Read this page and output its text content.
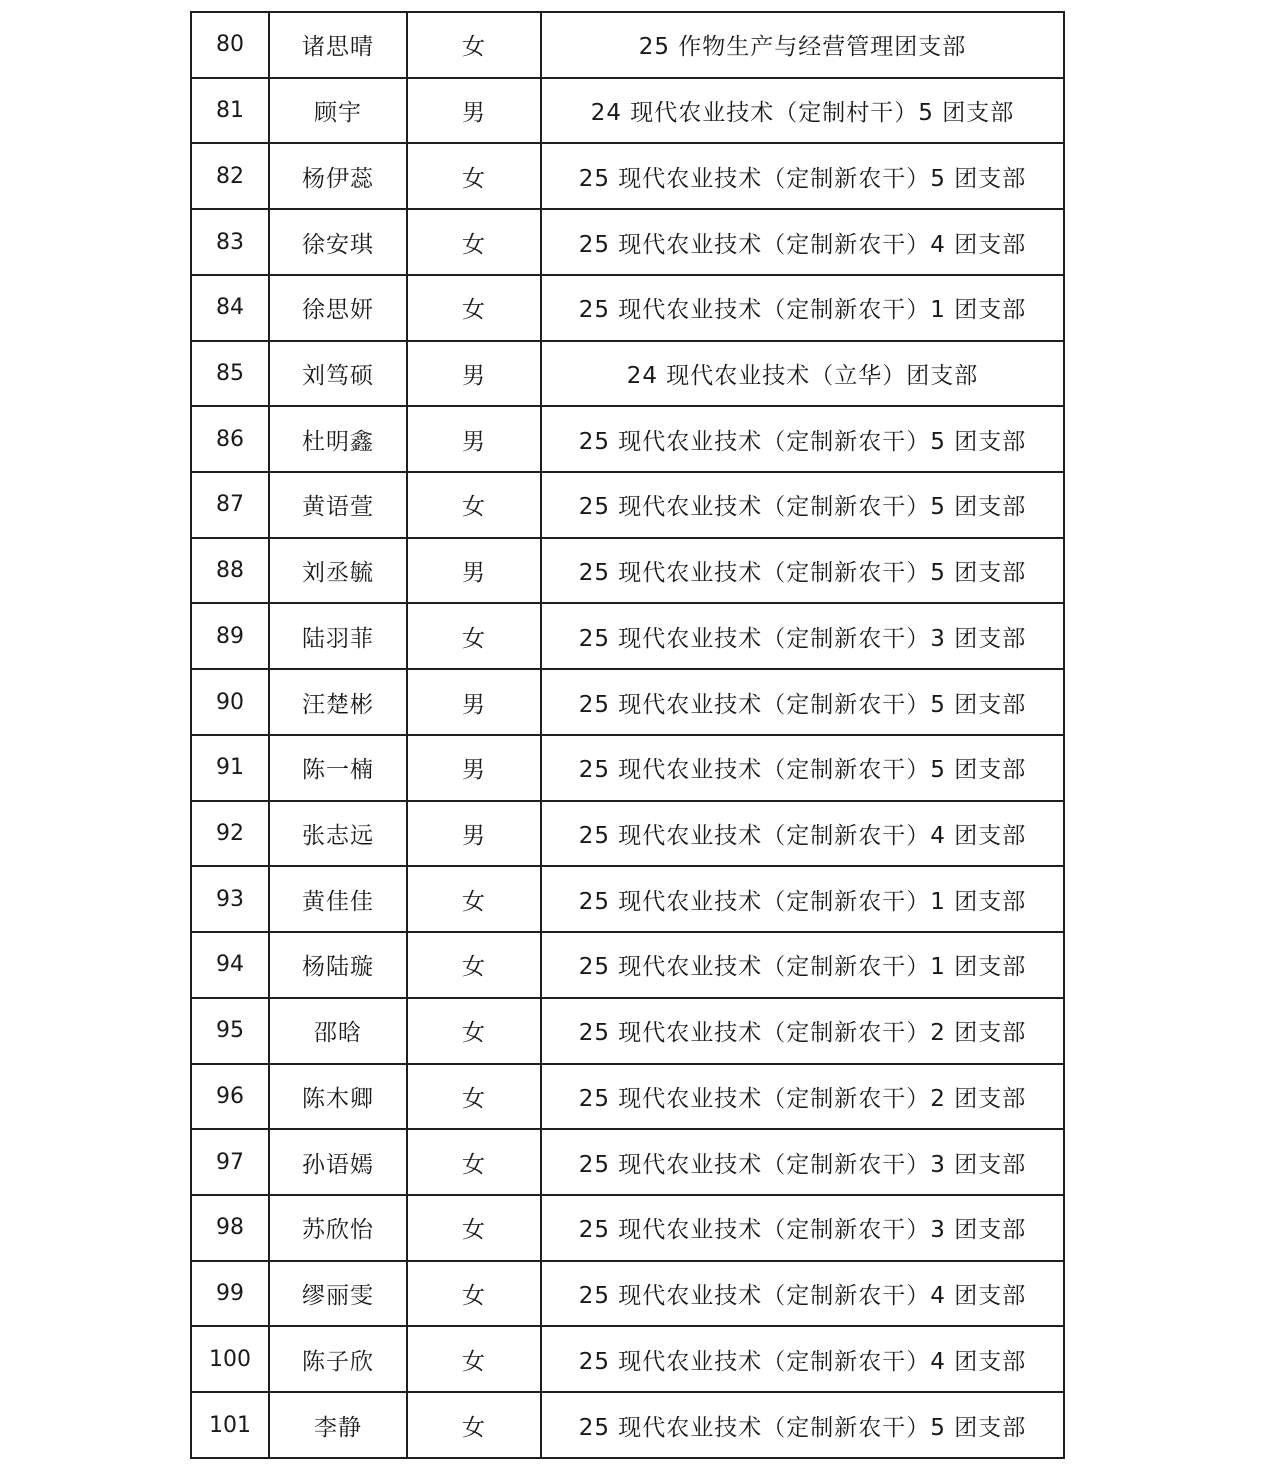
80	诸思晴	女	25 作物生产与经营管理团支部
81	顾宇	男	24 现代农业技术（定制村干）5 团支部
82	杨伊蕊	女	25 现代农业技术（定制新农干）5 团支部
83	徐安琪	女	25 现代农业技术（定制新农干）4 团支部
84	徐思妍	女	25 现代农业技术（定制新农干）1 团支部
85	刘笃硕	男	24 现代农业技术（立华）团支部
86	杜明鑫	男	25 现代农业技术（定制新农干）5 团支部
87	黄语萱	女	25 现代农业技术（定制新农干）5 团支部
88	刘丞毓	男	25 现代农业技术（定制新农干）5 团支部
89	陆羽菲	女	25 现代农业技术（定制新农干）3 团支部
90	汪楚彬	男	25 现代农业技术（定制新农干）5 团支部
91	陈一楠	男	25 现代农业技术（定制新农干）5 团支部
92	张志远	男	25 现代农业技术（定制新农干）4 团支部
93	黄佳佳	女	25 现代农业技术（定制新农干）1 团支部
94	杨陆璇	女	25 现代农业技术（定制新农干）1 团支部
95	邵晗	女	25 现代农业技术（定制新农干）2 团支部
96	陈木卿	女	25 现代农业技术（定制新农干）2 团支部
97	孙语嫣	女	25 现代农业技术（定制新农干）3 团支部
98	苏欣怡	女	25 现代农业技术（定制新农干）3 团支部
99	缪丽雯	女	25 现代农业技术（定制新农干）4 团支部
100	陈子欣	女	25 现代农业技术（定制新农干）4 团支部
101	李静	女	25 现代农业技术（定制新农干）5 团支部
